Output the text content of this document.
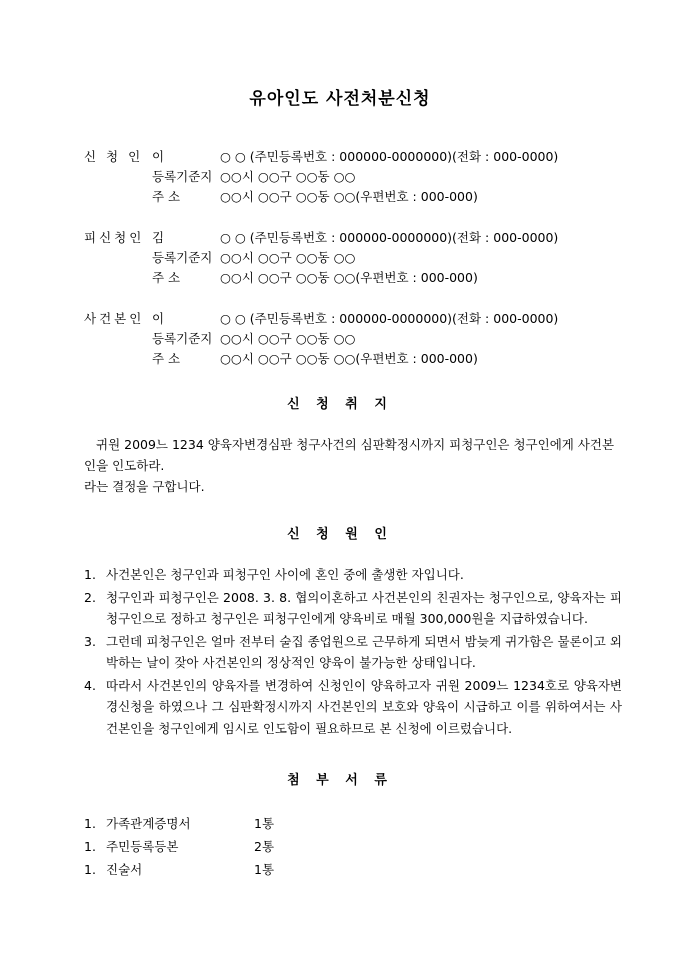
유아인도 사전처분신청
신 청 인 이	○ ○ (주민등록번호 : 000000-0000000)(전화 : 000-0000)
등록기준지 ○○시 ○○구 ○○동 ○○
주 소	○○시 ○○구 ○○동 ○○(우편번호 : 000-000)
피신청인 김	○ ○ (주민등록번호 : 000000-0000000)(전화 : 000-0000)
등록기준지 ○○시 ○○구 ○○동 ○○
주 소	○○시 ○○구 ○○동 ○○(우편번호 : 000-000)
사건본인 이	○ ○ (주민등록번호 : 000000-0000000)(전화 : 000-0000)
등록기준지 ○○시 ○○구 ○○동 ○○
주 소	○○시 ○○구 ○○동 ○○(우편번호 : 000-000)
신 청 취 지

귀원 2009느 1234 양육자변경심판 청구사건의 심판확정시까지 피청구인은 청구인에게 사건본인을 인도하라.

라는 결정을 구합니다.

신 청 원 인
1. 사건본인은 청구인과 피청구인 사이에 혼인 중에 출생한 자입니다.
2. 청구인과 피청구인은 2008. 3. 8. 협의이혼하고 사건본인의 친권자는 청구인으로, 양육자는 피청구인으로 정하고 청구인은 피청구인에게 양육비로 매월 300,000원을 지급하였습니다.
3. 그런데 피청구인은 얼마 전부터 술집 종업원으로 근무하게 되면서 밤늦게 귀가함은 물론이고 외박하는 날이 잦아 사건본인의 정상적인 양육이 불가능한 상태입니다.
4. 따라서 사건본인의 양육자를 변경하여 신청인이 양육하고자 귀원 2009느 1234호로 양육자변경신청을 하였으나 그 심판확정시까지 사건본인의 보호와 양육이 시급하고 이를 위하여서는 사건본인을 청구인에게 임시로 인도함이 필요하므로 본 신청에 이르렀습니다.
첨 부 서 류
1. 가족관계증명서	1통
1. 주민등록등본	2통
1. 진술서	1통
